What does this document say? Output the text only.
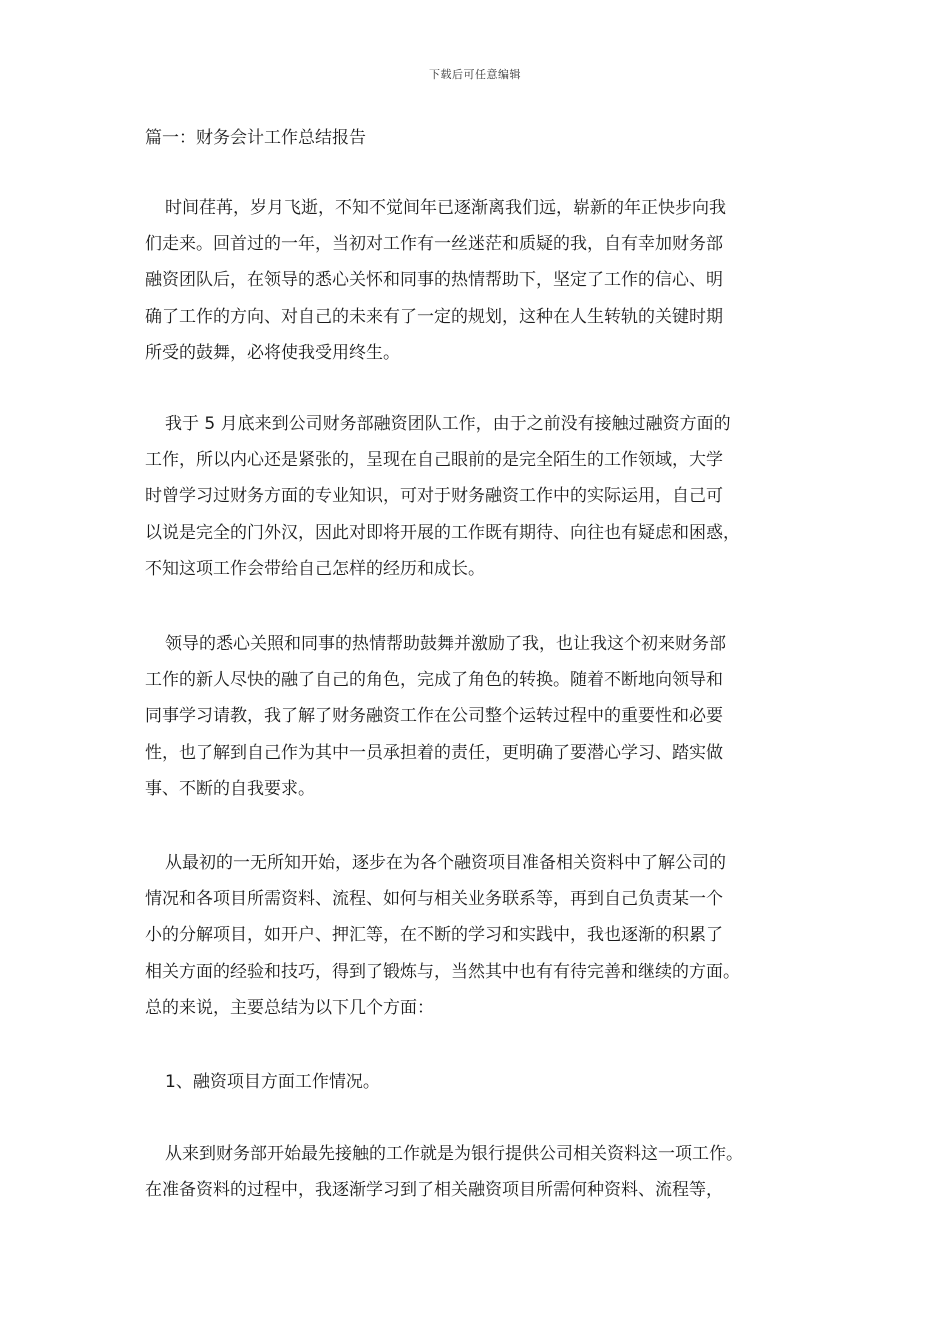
下载后可任意编辑
篇一：财务会计工作总结报告
时间荏苒，岁月飞逝，不知不觉间年已逐渐离我们远，崭新的年正快步向我
们走来。回首过的一年，当初对工作有一丝迷茫和质疑的我，自有幸加财务部
融资团队后，在领导的悉心关怀和同事的热情帮助下，坚定了工作的信心、明
确了工作的方向、对自己的未来有了一定的规划，这种在人生转轨的关键时期
所受的鼓舞，必将使我受用终生。
我于 5 月底来到公司财务部融资团队工作，由于之前没有接触过融资方面的
工作，所以内心还是紧张的，呈现在自己眼前的是完全陌生的工作领域，大学
时曾学习过财务方面的专业知识，可对于财务融资工作中的实际运用，自己可
以说是完全的门外汉，因此对即将开展的工作既有期待、向往也有疑虑和困惑，
不知这项工作会带给自己怎样的经历和成长。
领导的悉心关照和同事的热情帮助鼓舞并激励了我，也让我这个初来财务部
工作的新人尽快的融了自己的角色，完成了角色的转换。随着不断地向领导和
同事学习请教，我了解了财务融资工作在公司整个运转过程中的重要性和必要
性，也了解到自己作为其中一员承担着的责任，更明确了要潜心学习、踏实做
事、不断的自我要求。
从最初的一无所知开始，逐步在为各个融资项目准备相关资料中了解公司的
情况和各项目所需资料、流程、如何与相关业务联系等，再到自己负责某一个
小的分解项目，如开户、押汇等，在不断的学习和实践中，我也逐渐的积累了
相关方面的经验和技巧，得到了锻炼与，当然其中也有有待完善和继续的方面。
总的来说，主要总结为以下几个方面：
1、融资项目方面工作情况。
从来到财务部开始最先接触的工作就是为银行提供公司相关资料这一项工作。
在准备资料的过程中，我逐渐学习到了相关融资项目所需何种资料、流程等，
